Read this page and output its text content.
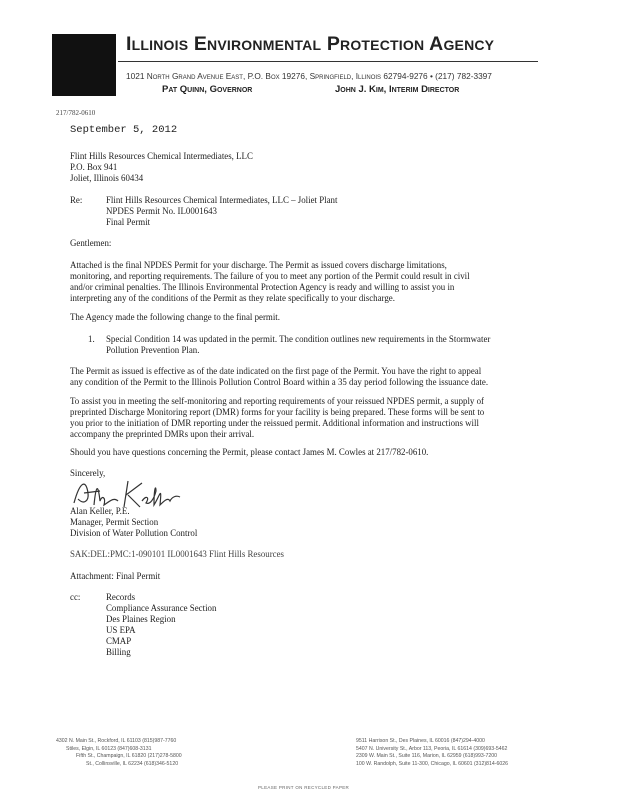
Illinois Environmental Protection Agency
1021 North Grand Avenue East, P.O. Box 19276, Springfield, Illinois 62794-9276 • (217) 782-3397
Pat Quinn, Governor	John J. Kim, Interim Director
217/782-0610
September 5, 2012
Flint Hills Resources Chemical Intermediates, LLC
P.O. Box 941
Joliet, Illinois 60434
Re:	Flint Hills Resources Chemical Intermediates, LLC – Joliet Plant
NPDES Permit No. IL0001643
Final Permit
Gentlemen:
Attached is the final NPDES Permit for your discharge. The Permit as issued covers discharge limitations,
monitoring, and reporting requirements. The failure of you to meet any portion of the Permit could result in civil
and/or criminal penalties. The Illinois Environmental Protection Agency is ready and willing to assist you in
interpreting any of the conditions of the Permit as they relate specifically to your discharge.
The Agency made the following change to the final permit.
1. Special Condition 14 was updated in the permit. The condition outlines new requirements in the Stormwater
Pollution Prevention Plan.
The Permit as issued is effective as of the date indicated on the first page of the Permit. You have the right to appeal
any condition of the Permit to the Illinois Pollution Control Board within a 35 day period following the issuance date.
To assist you in meeting the self-monitoring and reporting requirements of your reissued NPDES permit, a supply of
preprinted Discharge Monitoring report (DMR) forms for your facility is being prepared. These forms will be sent to
you prior to the initiation of DMR reporting under the reissued permit. Additional information and instructions will
accompany the preprinted DMRs upon their arrival.
Should you have questions concerning the Permit, please contact James M. Cowles at 217/782-0610.
Sincerely,
Alan Keller, P.E.
Manager, Permit Section
Division of Water Pollution Control
SAK:DEL:PMC:1-090101 IL0001643 Flint Hills Resources
Attachment: Final Permit
cc:	Records
Compliance Assurance Section
Des Plaines Region
US EPA
CMAP
Billing
4302 N. Main St., Rockford, IL 61103 (815)987-7760
Stiles, Elgin, IL 60123 (847)608-3131
Fifth St., Champaign, IL 61820 (217)278-5800
St., Collinsville, IL 62234 (618)346-5120
9511 Harrison St., Des Plaines, IL 60016 (847)294-4000
5407 N. University St., Arbor 113, Peoria, IL 61614 (309)693-5462
2309 W. Main St., Suite 116, Marion, IL 62959 (618)993-7200
100 W. Randolph, Suite 11-300, Chicago, IL 60601 (312)814-6026
PLEASE PRINT ON RECYCLED PAPER
